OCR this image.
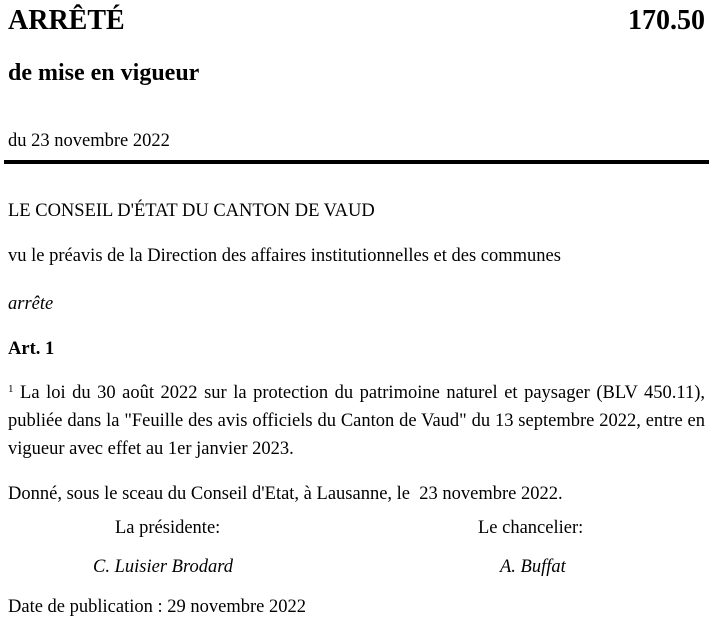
ARRÊTÉ	170.50
de mise en vigueur
du 23 novembre 2022
LE CONSEIL D'ÉTAT DU CANTON DE VAUD
vu le préavis de la Direction des affaires institutionnelles et des communes
arrête
Art. 1

$^1$ La loi du 30 août 2022 sur la protection du patrimoine naturel et paysager (BLV 450.11), publiée dans la "Feuille des avis officiels du Canton de Vaud" du 13 septembre 2022, entre en vigueur avec effet au 1er janvier 2023.

Donné, sous le sceau du Conseil d'Etat, à Lausanne, le  23 novembre 2022.
La présidente:	Le chancelier:
C. Luisier Brodard	A. Buffat
Date de publication : 29 novembre 2022
